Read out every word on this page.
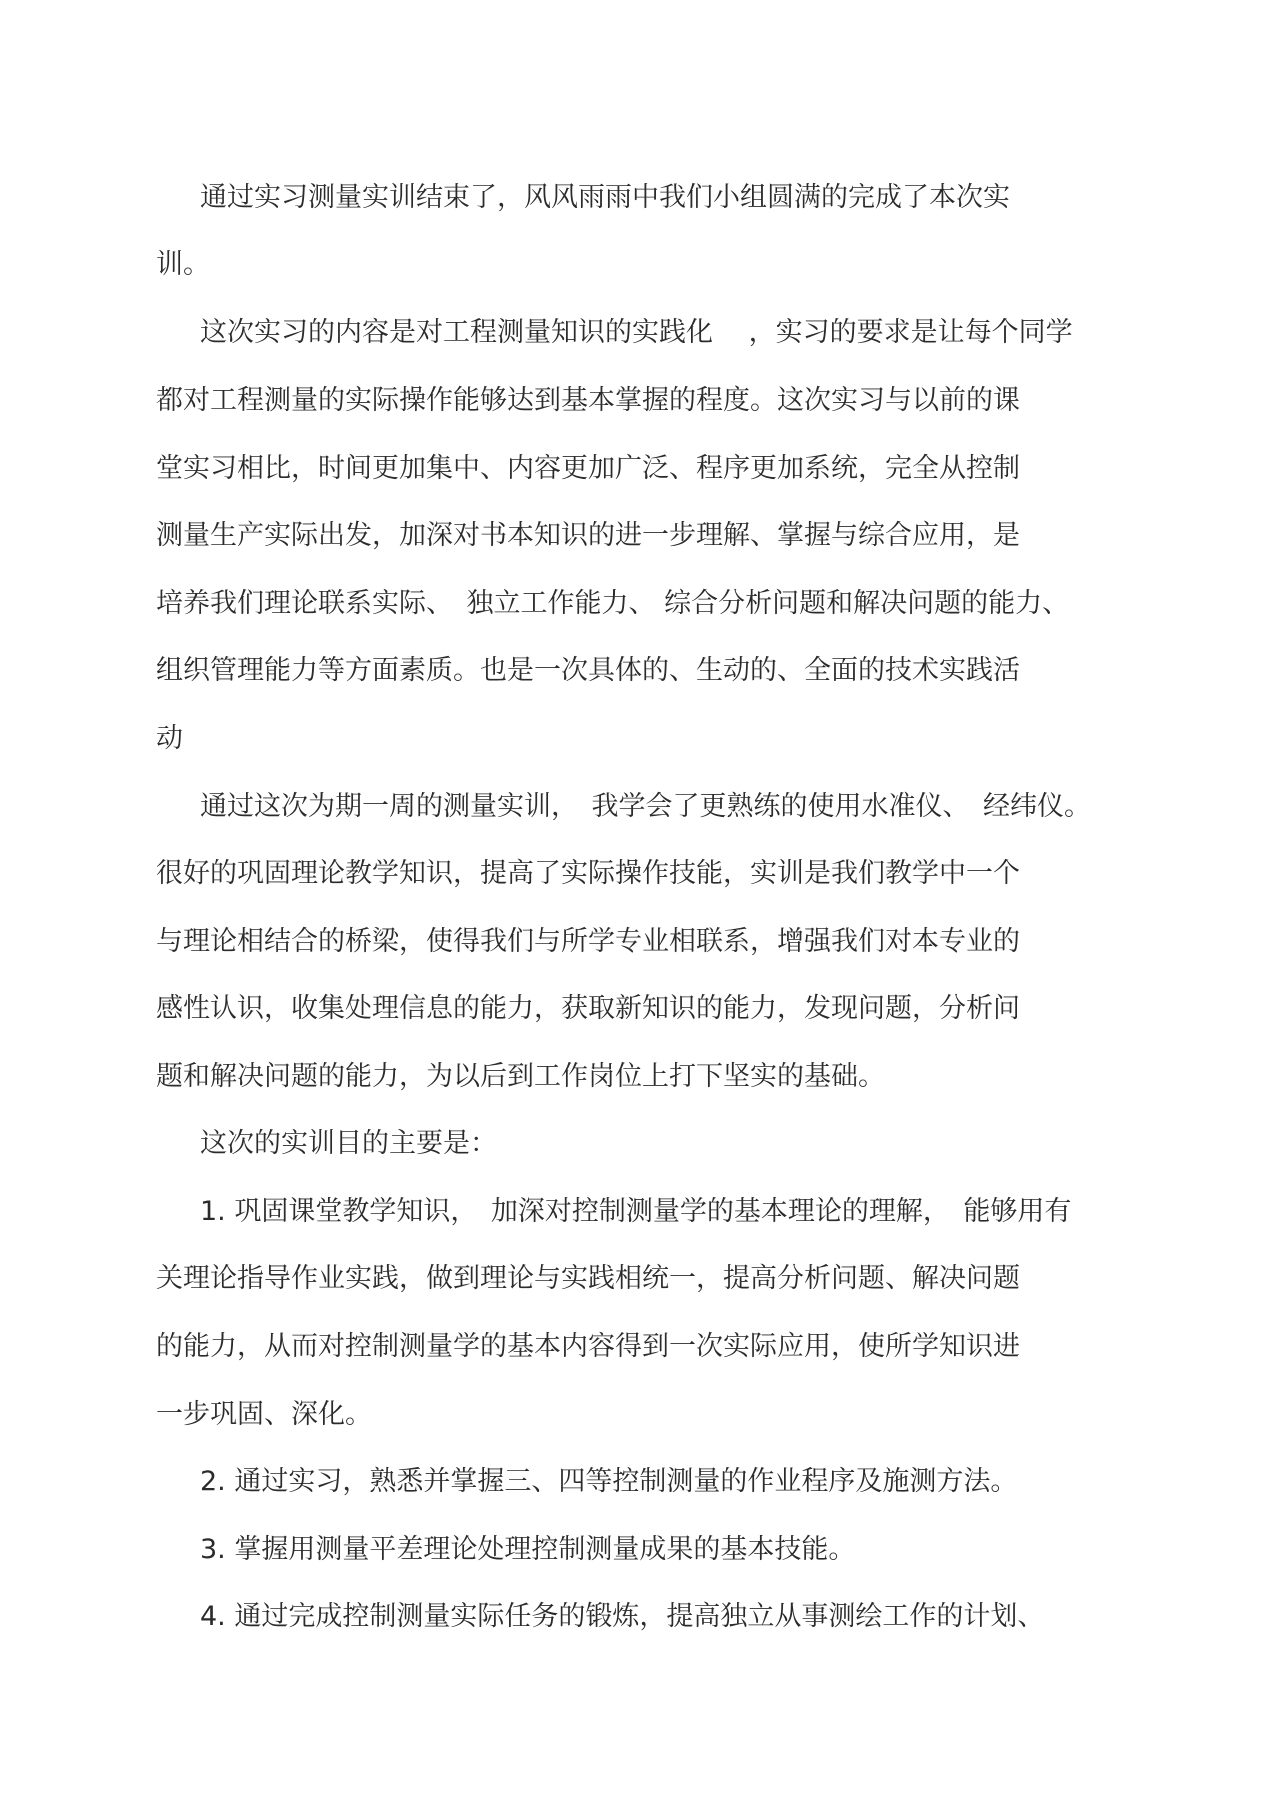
通过实习测量实训结束了，风风雨雨中我们小组圆满的完成了本次实

训。

这次实习的内容是对工程测量知识的实践化　 ，实习的要求是让每个同学

都对工程测量的实际操作能够达到基本掌握的程度。这次实习与以前的课

堂实习相比，时间更加集中、内容更加广泛、程序更加系统，完全从控制

测量生产实际出发，加深对书本知识的进一步理解、掌握与综合应用，是

培养我们理论联系实际、　独立工作能力、 综合分析问题和解决问题的能力、

组织管理能力等方面素质。也是一次具体的、生动的、全面的技术实践活

动

通过这次为期一周的测量实训，　我学会了更熟练的使用水准仪、　经纬仪。

很好的巩固理论教学知识，提高了实际操作技能，实训是我们教学中一个

与理论相结合的桥梁，使得我们与所学专业相联系，增强我们对本专业的

感性认识，收集处理信息的能力，获取新知识的能力，发现问题，分析问

题和解决问题的能力，为以后到工作岗位上打下坚实的基础。

这次的实训目的主要是：

1. 巩固课堂教学知识，　加深对控制测量学的基本理论的理解，　能够用有

关理论指导作业实践，做到理论与实践相统一，提高分析问题、解决问题

的能力，从而对控制测量学的基本内容得到一次实际应用，使所学知识进

一步巩固、深化。

2. 通过实习，熟悉并掌握三、四等控制测量的作业程序及施测方法。

3. 掌握用测量平差理论处理控制测量成果的基本技能。

4. 通过完成控制测量实际任务的锻炼，提高独立从事测绘工作的计划、
